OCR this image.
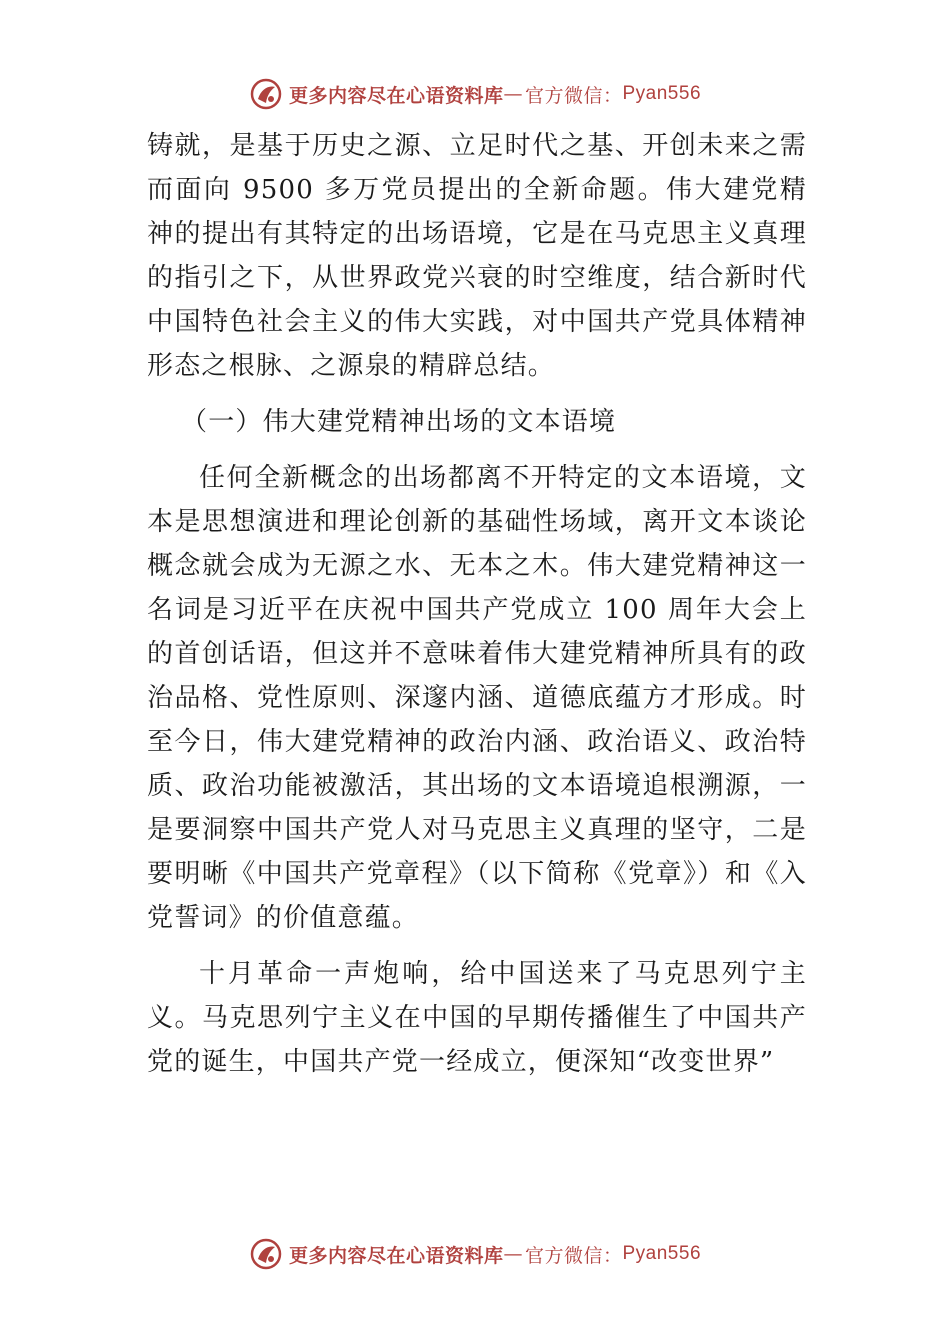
更多内容尽在心语资料库 — 官方微信： Pyan556

铸就，是基于历史之源、立足时代之基、开创未来之需而面向 9500 多万党员提出的全新命题。伟大建党精神的提出有其特定的出场语境，它是在马克思主义真理的指引之下，从世界政党兴衰的时空维度，结合新时代中国特色社会主义的伟大实践，对中国共产党具体精神形态之根脉、之源泉的精辟总结。

（一）伟大建党精神出场的文本语境

任何全新概念的出场都离不开特定的文本语境，文本是思想演进和理论创新的基础性场域，离开文本谈论概念就会成为无源之水、无本之木。伟大建党精神这一名词是习近平在庆祝中国共产党成立 100 周年大会上的首创话语，但这并不意味着伟大建党精神所具有的政治品格、党性原则、深邃内涵、道德底蕴方才形成。时至今日，伟大建党精神的政治内涵、政治语义、政治特质、政治功能被激活，其出场的文本语境追根溯源，一是要洞察中国共产党人对马克思主义真理的坚守，二是要明晰《中国共产党章程》（以下简称《党章》）和《入党誓词》的价值意蕴。

十月革命一声炮响，给中国送来了马克思列宁主义。马克思列宁主义在中国的早期传播催生了中国共产党的诞生，中国共产党一经成立，便深知“改变世界”

更多内容尽在心语资料库 — 官方微信： Pyan556
